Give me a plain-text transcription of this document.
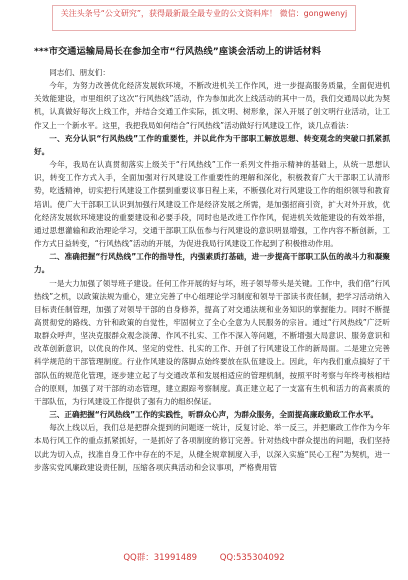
关注头条号“公文研究”，获得最新最全最专业的公文资料库！ 微信：gongwenyj

***市交通运输局局长在参加全市“行风热线”座谈会活动上的讲话材料

同志们、朋友们：

今年，为努力改善优化经济发展软环境，不断改进机关工作作风，进一步提高服务质量，全面促进机关效能建设，市里组织了这次“行风热线”活动，作为参加此次上线活动的其中一员，我们交通局以此为契机，认真做好每次上线工作，并结合交通工作实际，抓文明、树形象，深入开展了创文明行业活动，让工作又上一个新水平。这里，我把我局如何结合“行风热线”活动做好行风建设工作，谈几点看法：

一、充分认识“行风热线”工作的重要性，并以此作为干部职工解放思想、转变观念的突破口抓紧抓好。

今年，我局在认真贯彻落实上级关于“行风热线”工作一系列文件指示精神的基础上，从统一思想认识，转变工作方式入手，全面加强对行风建设工作重要性的理解和深化，积极教育广大干部职工认清形势，吃透精神，切实把行风建设工作摆到重要议事日程上来，不断强化对行风建设工作的组织领导和教育培训。使广大干部职工认识到加强行风建设工作是经济发展之所需，是加强招商引资，扩大对外开放，优化经济发展软环境建设的重要建设和必要手段，同时也是改进工作作风，促进机关效能建设的有效举措，通过思想灌输和政治理论学习，交通干部职工队伍参与行风建设的意识明显增强，工作内容不断创新，工作方式日益转变，“行风热线”活动的开展，为促进我局行风建设工作起到了积极推动作用。

二、准确把握“行风热线”工作的指导性，内强素质打基础，进一步提高干部职工队伍的战斗力和凝聚力。

一是大力加强了领导班子建设。任何工作开展的好与坏，班子领导带头是关键。工作中，我们借“行风热线”之机，以政策法规为重心，建立完善了中心组理论学习制度和领导干部读书责任制，把学习活动纳入目标责任制管理，加强了对领导干部的自身修养，提高了对交通法规和业务知识的掌握能力。同时不断提高贯彻党的路线、方针和政策的自觉性，牢固树立了全心全意为人民服务的宗旨。通过“行风热线”广泛听取群众呼声，坚决克服群众观念淡薄、作风不扎实、工作不深入等问题，不断增强大局意识、服务意识和改革创新意识，以优良的作风、坚定的党性、扎实的工作、开创了行风建设工作的新局面。二是建立完善科学规范的干部管理制度。行业作风建设的落脚点始终要放在队伍建设上。因此，年内我们重点搞好了干部队伍的规范化管理，逐步建立起了与交通改革和发展相适应的管理机制，按照平时考察与年终考核相结合的原则，加强了对干部的动态管理，建立跟踪考察制度。真正建立起了一支富有生机和活力的高素质的干部队伍，为行风建设工作提供了强有力的组织保证。

三、正确把握“行风热线”工作的实践性，听群众心声，为群众服务，全面提高廉政勤政工作水平。

每次上线以后，我们总是把群众提到的问题逐一统计，反复讨论、举一反三，并把廉政工作作为今年本局行风工作的重点抓紧抓好，一是抓好了各项制度的修订完善。针对热线中群众提出的问题，我们坚持以此为切入点，找准自身工作中存在的不足，从健全规章制度入手，以深入实施“民心工程”为契机，进一步落实党风廉政建设责任制，压缩各项庆典活动和会议事项，严格费用管

QQ群：31991489	QQ:535304092
